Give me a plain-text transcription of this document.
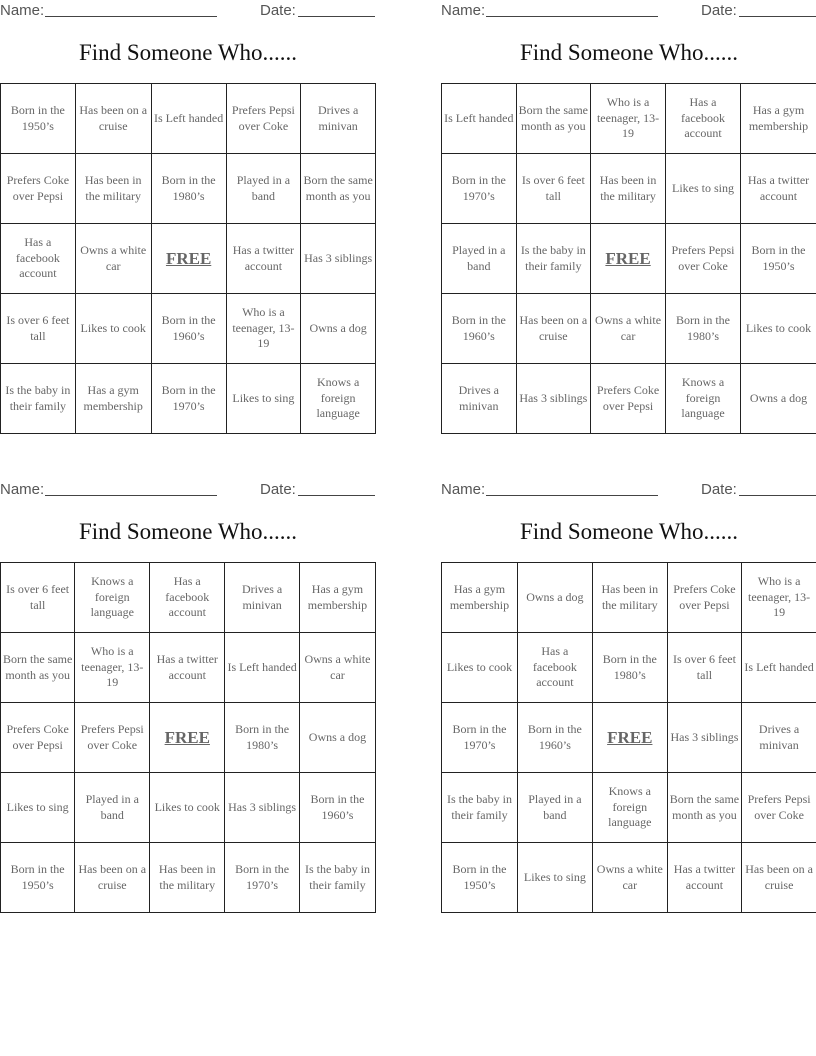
Name:	Date:
Find Someone Who......
Born in the 1950’s	Has been on a cruise	Is Left handed	Prefers Pepsi over Coke	Drives a minivan
Prefers Coke over Pepsi	Has been in the military	Born in the 1980’s	Played in a band	Born the same month as you
Has a facebook account	Owns a white car	FREE	Has a twitter account	Has 3 siblings
Is over 6 feet tall	Likes to cook	Born in the 1960’s	Who is a teenager, 13-19	Owns a dog
Is the baby in their family	Has a gym membership	Born in the 1970’s	Likes to sing	Knows a foreign language
Name:	Date:
Find Someone Who......
Is Left handed	Born the same month as you	Who is a teenager, 13-19	Has a facebook account	Has a gym membership
Born in the 1970’s	Is over 6 feet tall	Has been in the military	Likes to sing	Has a twitter account
Played in a band	Is the baby in their family	FREE	Prefers Pepsi over Coke	Born in the 1950’s
Born in the 1960’s	Has been on a cruise	Owns a white car	Born in the 1980’s	Likes to cook
Drives a minivan	Has 3 siblings	Prefers Coke over Pepsi	Knows a foreign language	Owns a dog
Name:	Date:
Find Someone Who......
Is over 6 feet tall	Knows a foreign language	Has a facebook account	Drives a minivan	Has a gym membership
Born the same month as you	Who is a teenager, 13-19	Has a twitter account	Is Left handed	Owns a white car
Prefers Coke over Pepsi	Prefers Pepsi over Coke	FREE	Born in the 1980’s	Owns a dog
Likes to sing	Played in a band	Likes to cook	Has 3 siblings	Born in the 1960’s
Born in the 1950’s	Has been on a cruise	Has been in the military	Born in the 1970’s	Is the baby in their family
Name:	Date:
Find Someone Who......
Has a gym membership	Owns a dog	Has been in the military	Prefers Coke over Pepsi	Who is a teenager, 13-19
Likes to cook	Has a facebook account	Born in the 1980’s	Is over 6 feet tall	Is Left handed
Born in the 1970’s	Born in the 1960’s	FREE	Has 3 siblings	Drives a minivan
Is the baby in their family	Played in a band	Knows a foreign language	Born the same month as you	Prefers Pepsi over Coke
Born in the 1950’s	Likes to sing	Owns a white car	Has a twitter account	Has been on a cruise
